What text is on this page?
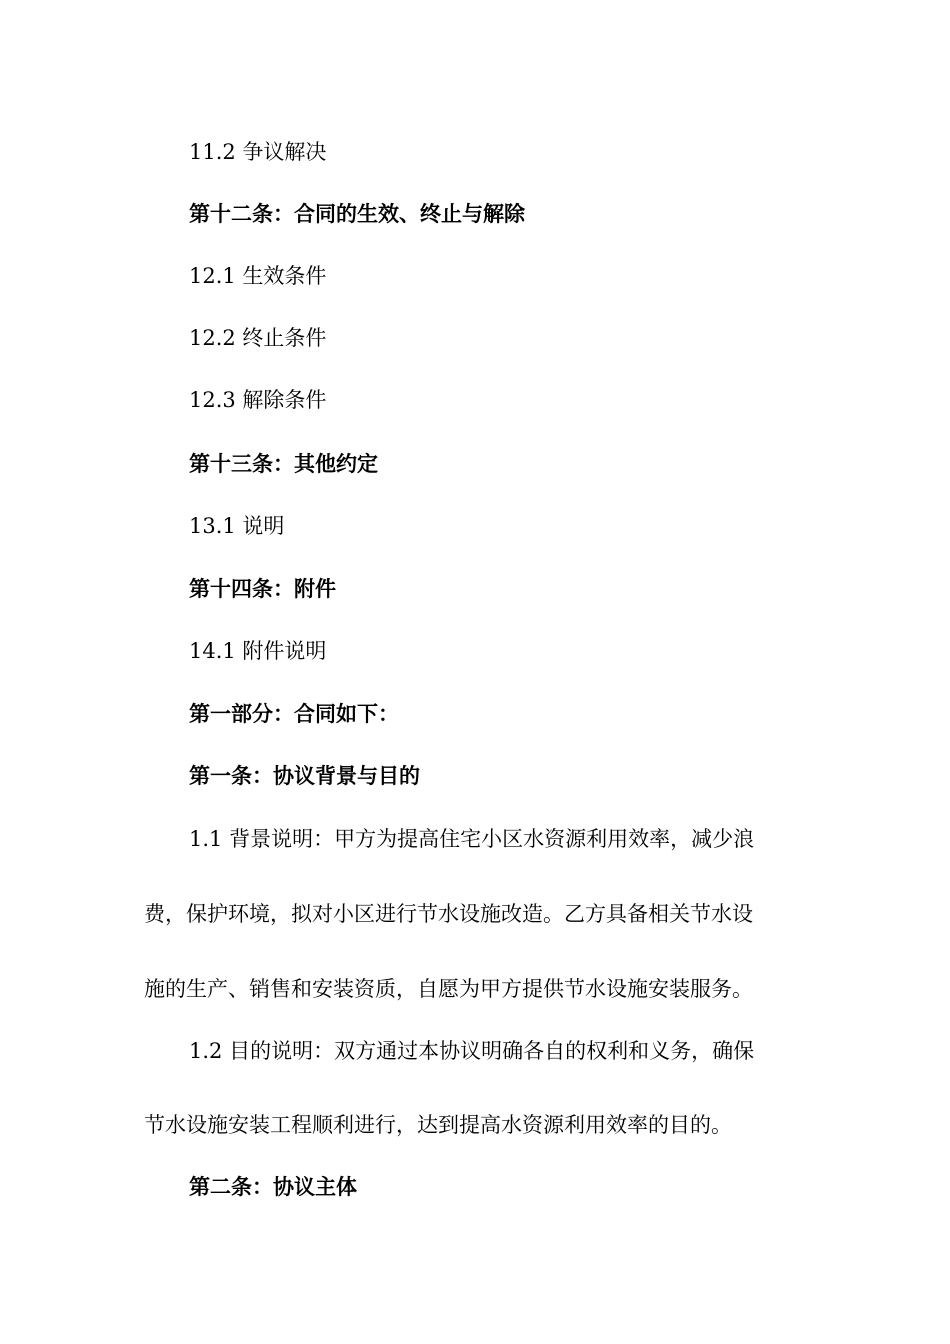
11.2 争议解决
第十二条：合同的生效、终止与解除
12.1 生效条件
12.2 终止条件
12.3 解除条件
第十三条：其他约定
13.1 说明
第十四条：附件
14.1 附件说明
第一部分：合同如下：
第一条：协议背景与目的
1.1 背景说明：甲方为提高住宅小区水资源利用效率，减少浪
费，保护环境，拟对小区进行节水设施改造。乙方具备相关节水设
施的生产、销售和安装资质，自愿为甲方提供节水设施安装服务。
1.2 目的说明：双方通过本协议明确各自的权利和义务，确保
节水设施安装工程顺利进行，达到提高水资源利用效率的目的。
第二条：协议主体
